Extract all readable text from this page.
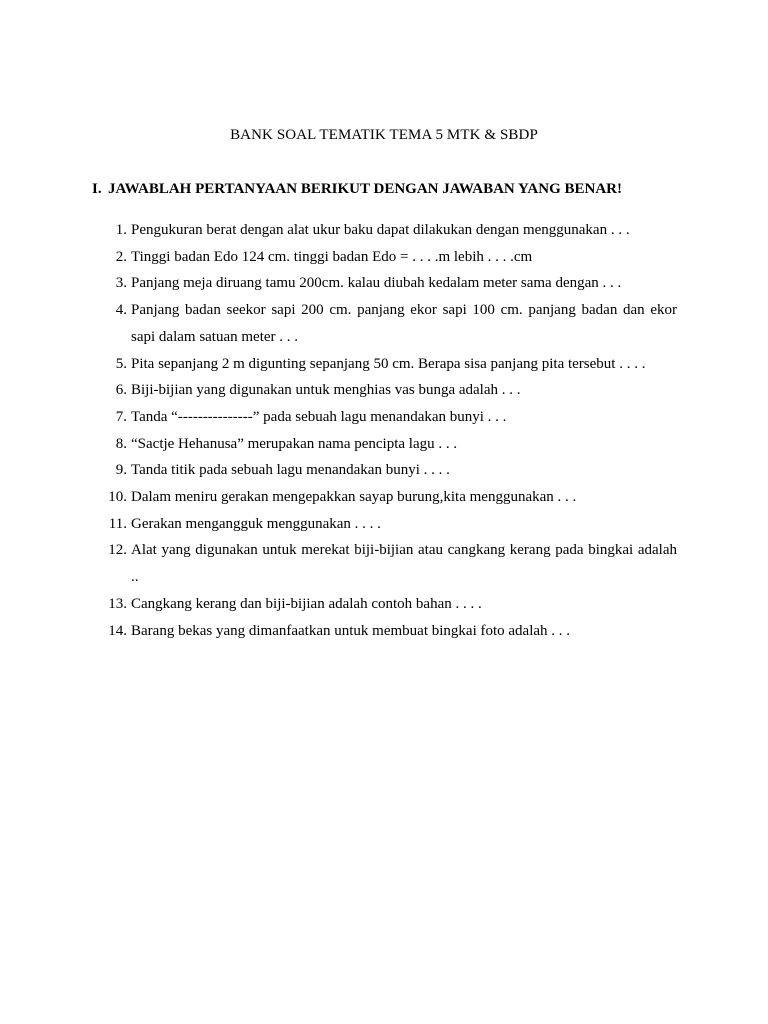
BANK SOAL TEMATIK TEMA 5 MTK & SBDP
I. JAWABLAH PERTANYAAN BERIKUT DENGAN JAWABAN YANG BENAR!
1. Pengukuran berat dengan alat ukur baku dapat dilakukan dengan menggunakan . . .
2. Tinggi badan Edo 124 cm. tinggi badan Edo = . . . .m lebih . . . .cm
3. Panjang meja diruang tamu 200cm. kalau diubah kedalam meter sama dengan . . .
4. Panjang badan seekor sapi 200 cm. panjang ekor sapi 100 cm. panjang badan dan ekor sapi dalam satuan meter . . .
5. Pita sepanjang 2 m digunting sepanjang 50 cm. Berapa sisa panjang pita tersebut . . . .
6. Biji-bijian yang digunakan untuk menghias vas bunga adalah . . .
7. Tanda “---------------” pada sebuah lagu menandakan bunyi . . .
8. “Sactje Hehanusa” merupakan nama pencipta lagu . . .
9. Tanda titik pada sebuah lagu menandakan bunyi . . . .
10. Dalam meniru gerakan mengepakkan sayap burung,kita menggunakan . . .
11. Gerakan mengangguk menggunakan . . . .
12. Alat yang digunakan untuk merekat biji-bijian atau cangkang kerang pada bingkai adalah ..
13. Cangkang kerang dan biji-bijian adalah contoh bahan . . . .
14. Barang bekas yang dimanfaatkan untuk membuat bingkai foto adalah . . .
